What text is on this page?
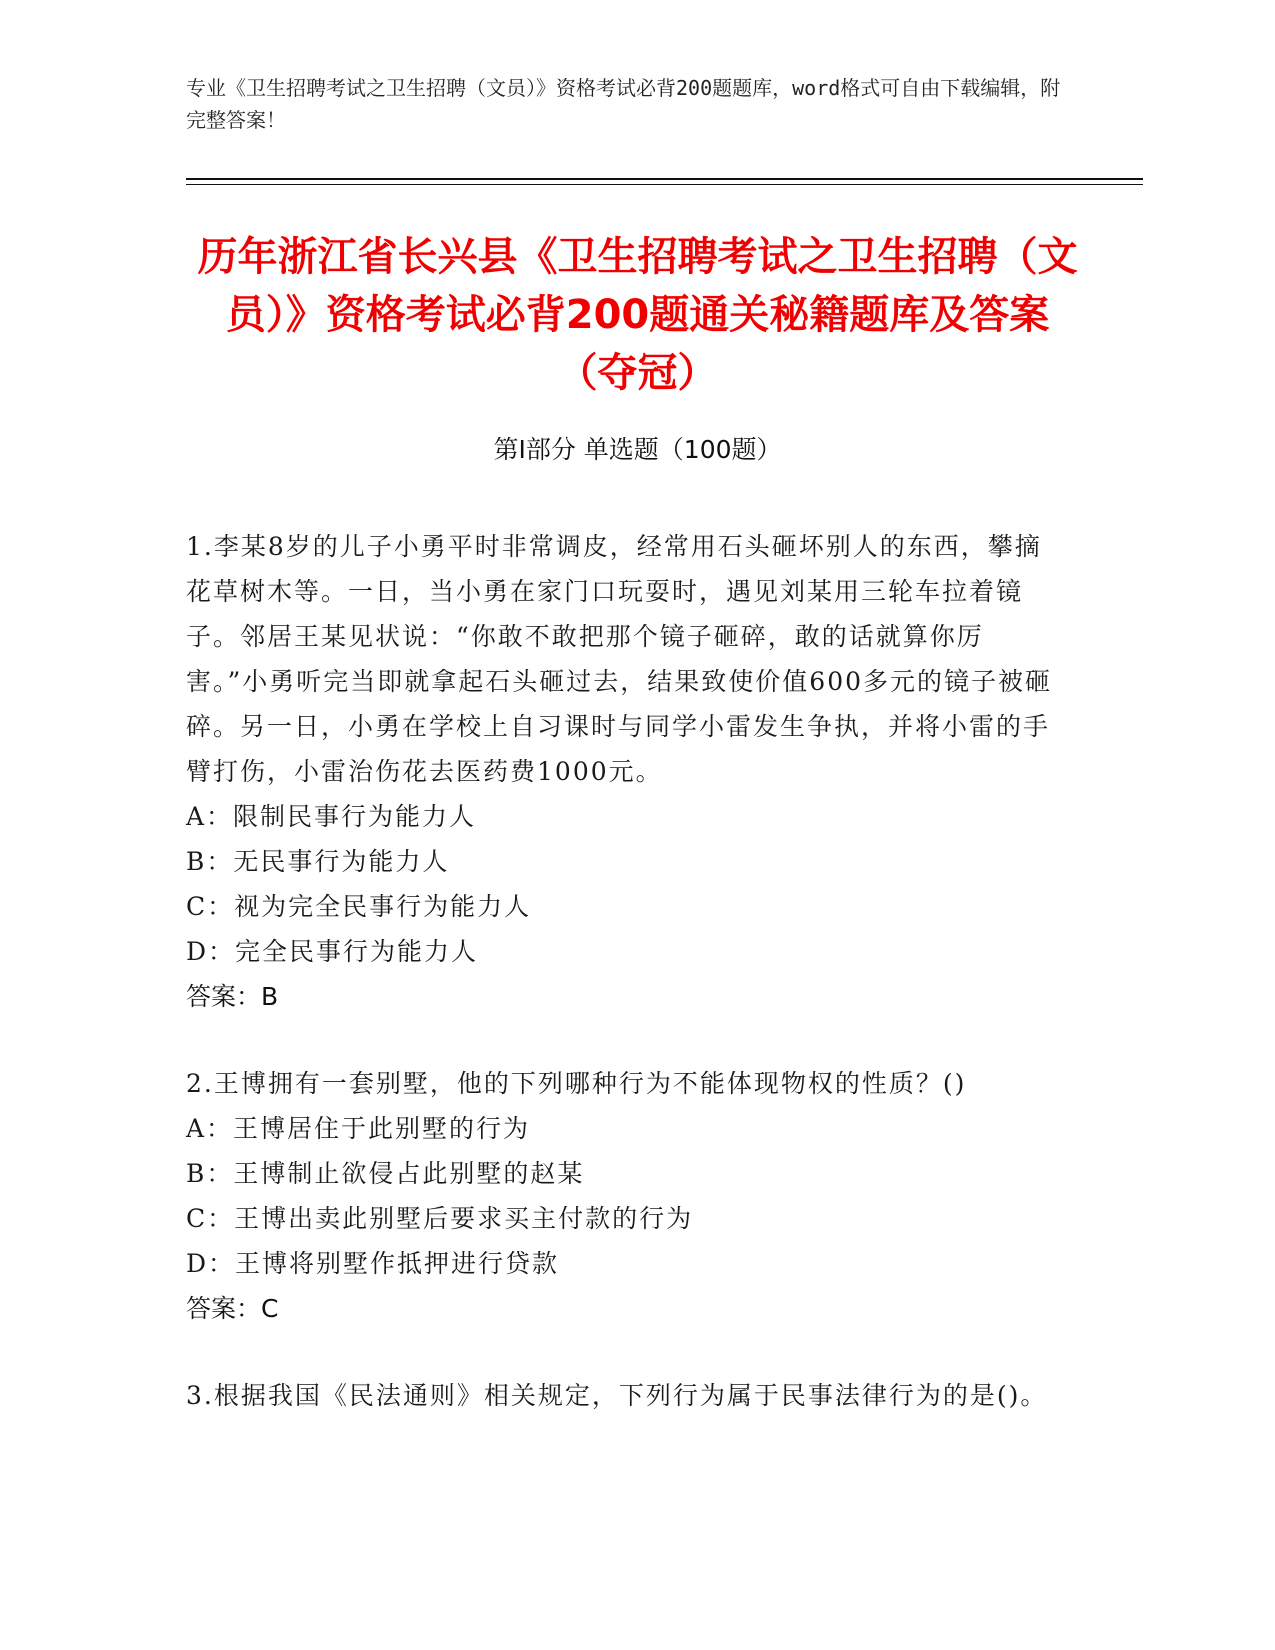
专业《卫生招聘考试之卫生招聘（文员）》资格考试必背200题题库，word格式可自由下载编辑，附完整答案！
历年浙江省长兴县《卫生招聘考试之卫生招聘（文员）》资格考试必背200题通关秘籍题库及答案（夺冠）
第Ⅰ部分 单选题（100题）

1.李某8岁的儿子小勇平时非常调皮，经常用石头砸坏别人的东西，攀摘花草树木等。一日，当小勇在家门口玩耍时，遇见刘某用三轮车拉着镜子。邻居王某见状说：“你敢不敢把那个镜子砸碎，敢的话就算你厉害。”小勇听完当即就拿起石头砸过去，结果致使价值600多元的镜子被砸碎。另一日，小勇在学校上自习课时与同学小雷发生争执，并将小雷的手臂打伤，小雷治伤花去医药费1000元。

A：限制民事行为能力人

B：无民事行为能力人

C：视为完全民事行为能力人

D：完全民事行为能力人

答案：B

2.王博拥有一套别墅，他的下列哪种行为不能体现物权的性质？()

A：王博居住于此别墅的行为

B：王博制止欲侵占此别墅的赵某

C：王博出卖此别墅后要求买主付款的行为

D：王博将别墅作抵押进行贷款

答案：C

3.根据我国《民法通则》相关规定，下列行为属于民事法律行为的是()。
